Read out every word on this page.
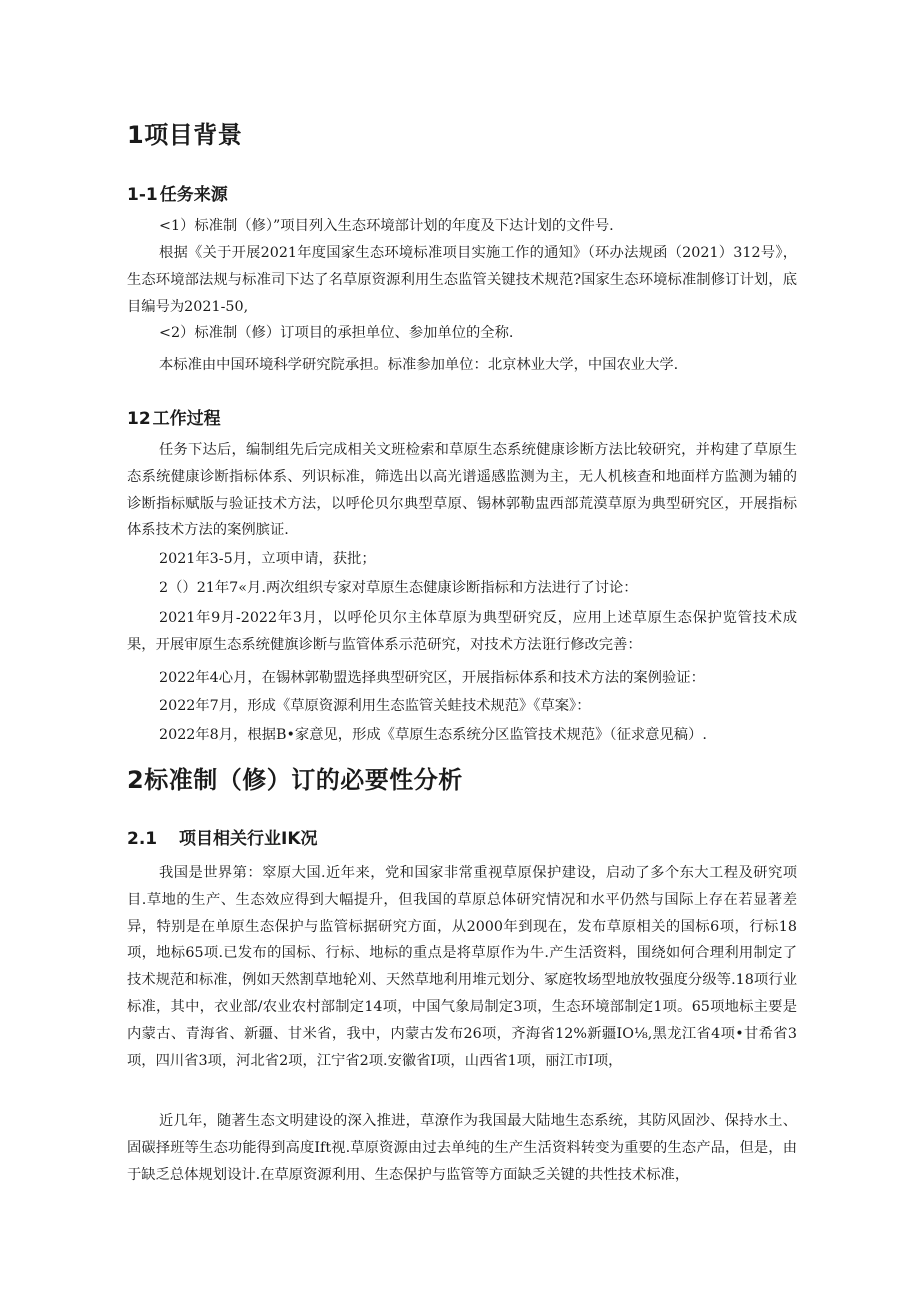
1项目背景
1-1 任务来源

<1）标准制（修）”项目列入生态环境部计划的年度及下达计划的文件号.

根据《关于开展2021年度国家生态环境标准项目实施工作的通知》（环办法规函（2021）312号》，生态环境部法规与标准司下达了名草原资源利用生态监管关键技术规范?国家生态环境标准制修订计划，底目编号为2021-50,

<2）标准制（修）订项目的承担单位、参加单位的全称.

本标准由中国环境科学研究院承担。标准参加单位：北京林业大学，中国农业大学.

12 工作过程

任务下达后，编制组先后完成相关文班检索和草原生态系统健康诊断方法比较研究，并构建了草原生态系统健康诊断指标体系、列识标准，筛选出以高光谱遥感监测为主，无人机核查和地面样方监测为辅的诊断指标赋版与验证技术方法，以呼伦贝尔典型草原、锡林郭勒盅西部荒漠草原为典型研究区，开展指标体系技术方法的案例膑证.

2021年3-5月，立项申请，获批；

2（）21年7«月.两次组织专家对草原生态健康诊断指标和方法进行了讨论：

2021年9月-2022年3月，以呼伦贝尔主体草原为典型研究反，应用上述草原生态保护览管技术成果，开展审原生态系统健旗诊断与监管体系示范研究，对技术方法诳行修改完善：

2022年4心月，在锡林郭勒盟选择典型研究区，开展指标体系和技术方法的案例验证：

2022年7月，形成《草原资源利用生态监管关蛙技术规范》《草案》：

2022年8月，根据B•家意见，形成《草原生态系统分区监管技术规范》（征求意见稿）.

2标准制（修）订的必要性分析
2.1 项目相关行业IK况

我国是世界第：窣原大国.近年来，党和国家非常重视草原保护建设，启动了多个东大工程及研究项目.草地的生产、生态效应得到大幅提升，但我国的草原总体研究情况和水平仍然与国际上存在若显著差异，特别是在单原生态保护与监管标据研究方面，从2000年到现在，发布草原相关的国标6项，行标18项，地标65项.已发布的国标、行标、地标的重点是将草原作为牛.产生活资料，围绕如何合理利用制定了技术规范和标准，例如天然割草地轮刈、天然草地利用堆元划分、冢庭牧场型地放牧强度分级等.18项行业标准，其中，衣业部/农业农村部制定14项，中国气象局制定3项，生态环境部制定1项。65项地标主要是内蒙古、青海省、新疆、甘米省，我中，内蒙古发布26项，齐海省12%新疆IO⅛,黑龙江省4项•甘希省3项，四川省3项，河北省2项，江宁省2项.安徽省I项，山西省1项，丽江市I项，

近几年，随著生态文明建设的深入推进，草潦作为我国最大陆地生态系统，其防风固沙、保持水土、固碳择班等生态功能得到高度Ift视.草原资源由过去单纯的生产生活资料转变为重要的生态产品，但是，由于缺乏总体规划设计.在草原资源利用、生态保护与监管等方面缺乏关键的共性技术标准，
